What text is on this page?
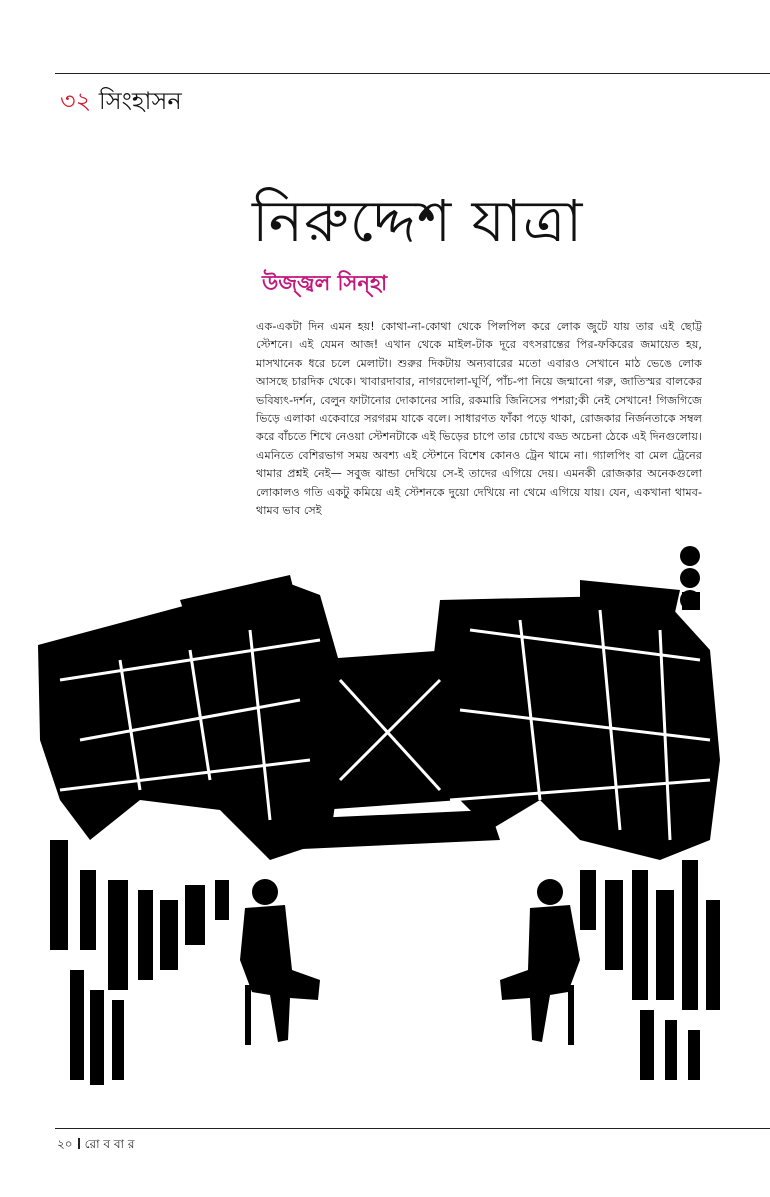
৩২ সিংহাসন
নিরুদ্দেশ যাত্রা
উজ্জ্বল সিন্‌হা

এক-একটা দিন এমন হয়! কোথা-না-কোথা থেকে পিলপিল করে লোক জুটে যায় তার এই ছোট্ট স্টেশনে। এই যেমন আজ! এখান থেকে মাইল-টাক দূরে বৎসরান্তের পির-ফকিরের জমায়েত হয়, মাসখানেক ধরে চলে মেলাটা। শুরুর দিকটায় অন্যবারের মতো এবারও সেখানে মাঠ ভেঙে লোক আসছে চারদিক থেকে। খাবারদাবার, নাগরদোলা-ঘূর্ণি, পাঁচ-পা নিয়ে জন্মানো গরু, জাতিস্মর বালকের ভবিষ্যৎ-দর্শন, বেলুন ফাটানোর দোকানের সারি, রকমারি জিনিসের পশরা;কী নেই সেখানে! গিজগিজে ভিড়ে এলাকা একেবারে সরগরম যাকে বলে। সাধারণত ফাঁকা পড়ে থাকা, রোজকার নির্জনতাকে সম্বল করে বাঁচতে শিখে নেওয়া স্টেশনটাকে এই ভিড়ের চাপে তার চোখে বড্ড অচেনা ঠেকে এই দিনগুলোয়। এমনিতে বেশিরভাগ সময় অবশ্য এই স্টেশনে বিশেষ কোনও ট্রেন থামে না। গ্যালপিং বা মেল ট্রেনের থামার প্রশ্নই নেই— সবুজ ঝান্ডা দেখিয়ে সে-ই তাদের এগিয়ে দেয়। এমনকী রোজকার অনেকগুলো লোকালও গতি একটু কমিয়ে এই স্টেশনকে দুয়ো দেখিয়ে না থেমে এগিয়ে যায়। যেন, একখানা থামব-থামব ভাব সেই

২০ রো ব বা র
